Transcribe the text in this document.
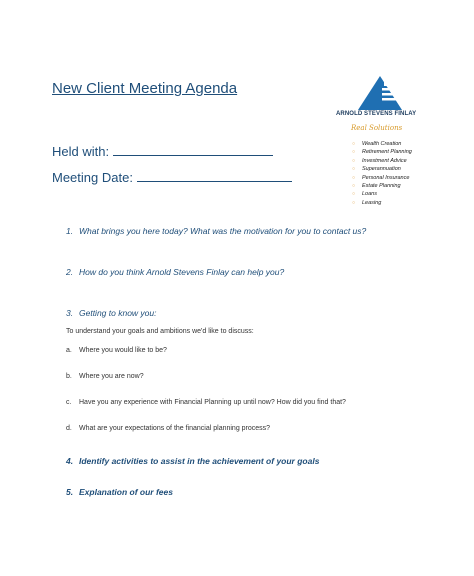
New Client Meeting Agenda
ARNOLD STEVENS FINLAY
Real Solutions
○ Wealth Creation
○ Retirement Planning
○ Investment Advice
○ Superannuation
○ Personal Insurance
○ Estate Planning
○ Loans
○ Leasing
Held with:
Meeting Date:
1. What brings you here today? What was the motivation for you to contact us?
2. How do you think Arnold Stevens Finlay can help you?
3. Getting to know you:
To understand your goals and ambitions we'd like to discuss:
a. Where you would like to be?
b. Where you are now?
c. Have you any experience with Financial Planning up until now? How did you find that?
d. What are your expectations of the financial planning process?
4. Identify activities to assist in the achievement of your goals
5. Explanation of our fees
